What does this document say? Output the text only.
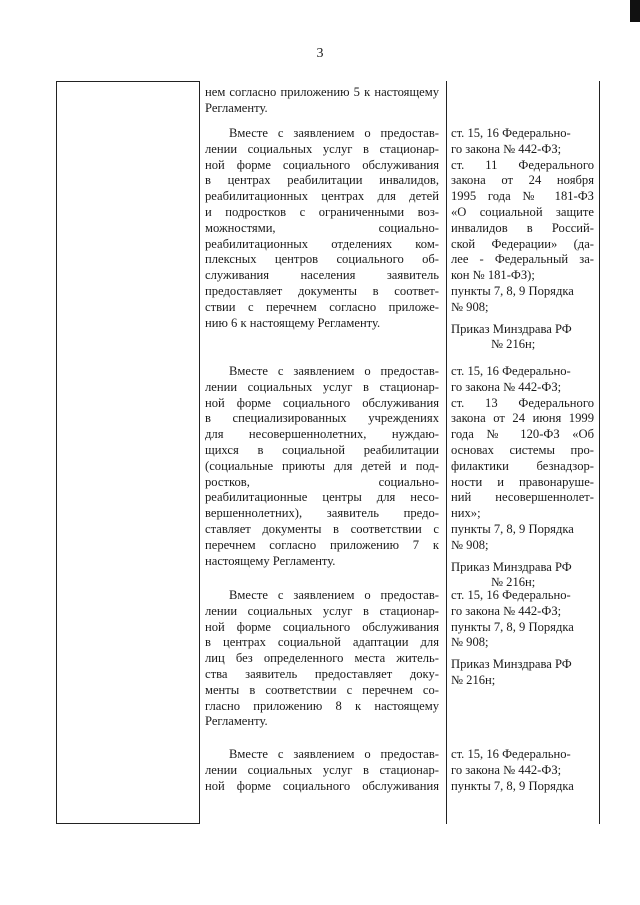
3

нем согласно приложению 5 к настоящему Регламенту.

Вместе с заявлением о предостав-
лении социальных услуг в стационар-
ной форме социального обслуживания
в центрах реабилитации инвалидов,
реабилитационных центрах для детей
и подростков с ограниченными воз-
можностями, социально-
реабилитационных отделениях ком-
плексных центров социального об-
служивания населения заявитель
предоставляет документы в соответ-
ствии с перечнем согласно приложе-
нию 6 к настоящему Регламенту.
ст. 15, 16 Федерально-
го закона № 442-ФЗ;
ст. 11 Федерального
закона от 24 ноября
1995 года № 181-ФЗ
«О социальной защите
инвалидов в Россий-
ской Федерации» (да-
лее - Федеральный за-
кон № 181-ФЗ);
пункты 7, 8, 9 Порядка
№ 908;
Приказ Минздрава РФ
№ 216н;
Вместе с заявлением о предостав-
лении социальных услуг в стационар-
ной форме социального обслуживания
в специализированных учреждениях
для несовершеннолетних, нуждаю-
щихся в социальной реабилитации
(социальные приюты для детей и под-
ростков, социально-
реабилитационные центры для несо-
вершеннолетних), заявитель предо-
ставляет документы в соответствии с
перечнем согласно приложению 7 к
настоящему Регламенту.
ст. 15, 16 Федерально-
го закона № 442-ФЗ;
ст. 13 Федерального
закона от 24 июня 1999
года № 120-ФЗ «Об
основах системы про-
филактики безнадзор-
ности и правонаруше-
ний несовершеннолет-
них»;
пункты 7, 8, 9 Порядка
№ 908;
Приказ Минздрава РФ
№ 216н;
Вместе с заявлением о предостав-
лении социальных услуг в стационар-
ной форме социального обслуживания
в центрах социальной адаптации для
лиц без определенного места житель-
ства заявитель предоставляет доку-
менты в соответствии с перечнем со-
гласно приложению 8 к настоящему
Регламенту.
ст. 15, 16 Федерально-
го закона № 442-ФЗ;
пункты 7, 8, 9 Порядка
№ 908;
Приказ Минздрава РФ
№ 216н;
Вместе с заявлением о предостав-
лении социальных услуг в стационар-
ной форме социального обслуживания
ст. 15, 16 Федерально-
го закона № 442-ФЗ;
пункты 7, 8, 9 Порядка
